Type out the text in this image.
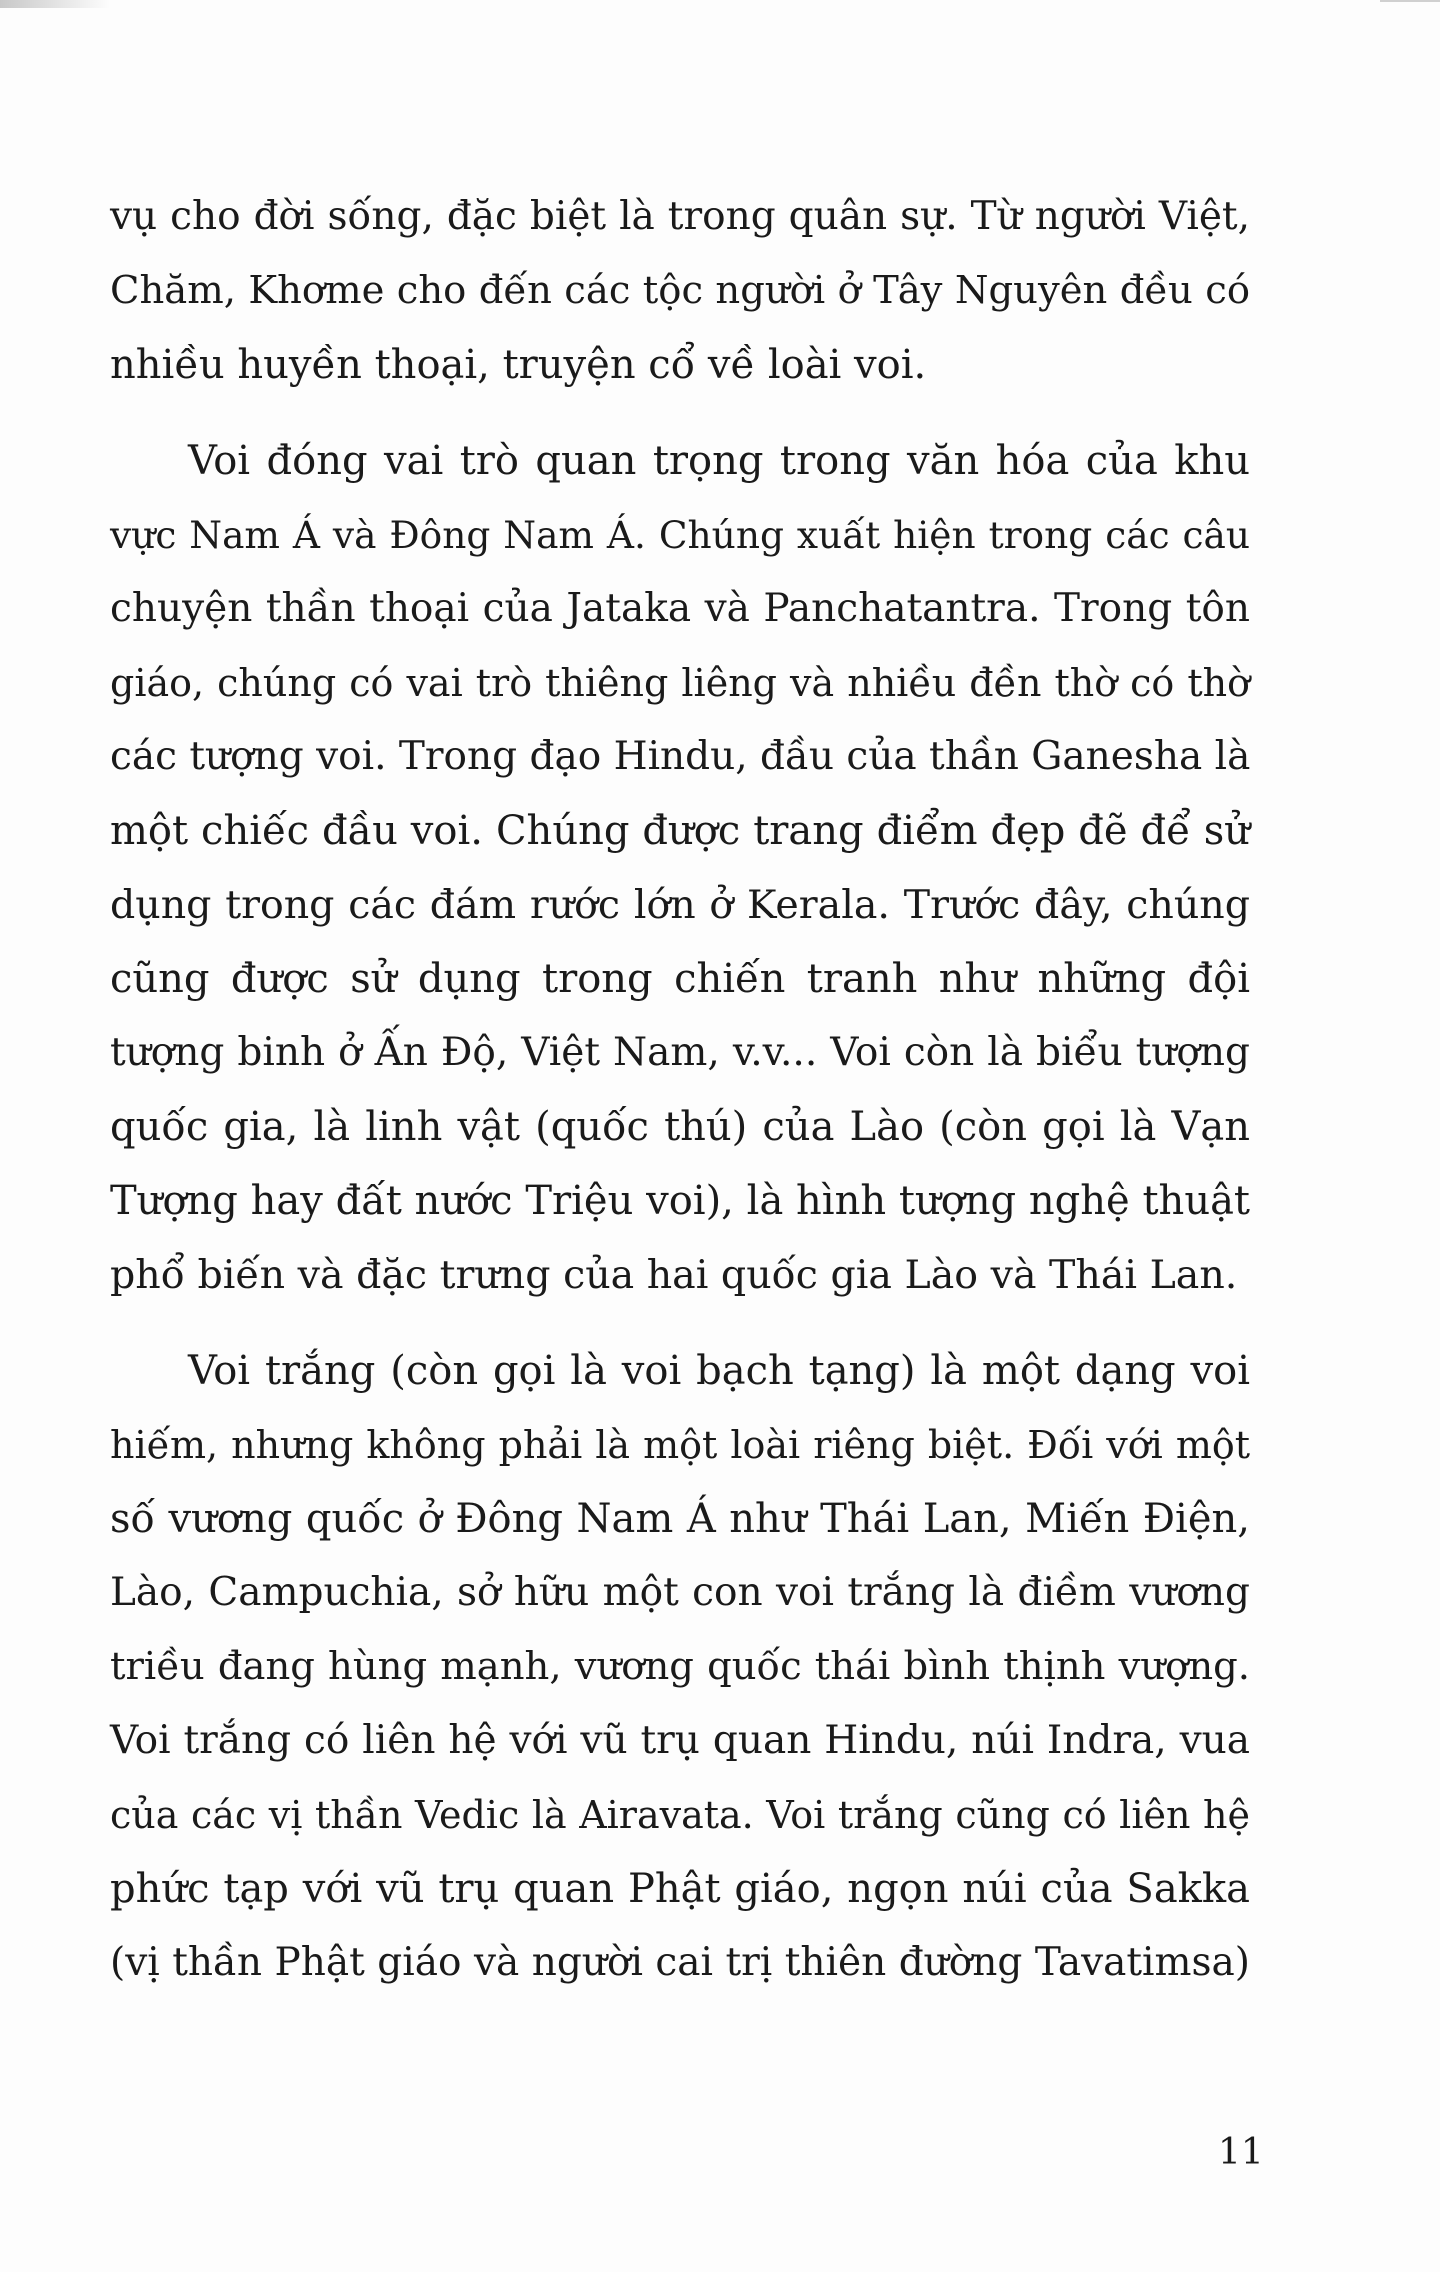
vụ cho đời sống, đặc biệt là trong quân sự. Từ người Việt,
Chăm, Khơme cho đến các tộc người ở Tây Nguyên đều có
nhiều huyền thoại, truyện cổ về loài voi.

Voi đóng vai trò quan trọng trong văn hóa của khu
vực Nam Á và Đông Nam Á. Chúng xuất hiện trong các câu
chuyện thần thoại của Jataka và Panchatantra. Trong tôn
giáo, chúng có vai trò thiêng liêng và nhiều đền thờ có thờ
các tượng voi. Trong đạo Hindu, đầu của thần Ganesha là
một chiếc đầu voi. Chúng được trang điểm đẹp đẽ để sử
dụng trong các đám rước lớn ở Kerala. Trước đây, chúng
cũng được sử dụng trong chiến tranh như những đội
tượng binh ở Ấn Độ, Việt Nam, v.v... Voi còn là biểu tượng
quốc gia, là linh vật (quốc thú) của Lào (còn gọi là Vạn
Tượng hay đất nước Triệu voi), là hình tượng nghệ thuật
phổ biến và đặc trưng của hai quốc gia Lào và Thái Lan.

Voi trắng (còn gọi là voi bạch tạng) là một dạng voi
hiếm, nhưng không phải là một loài riêng biệt. Đối với một
số vương quốc ở Đông Nam Á như Thái Lan, Miến Điện,
Lào, Campuchia, sở hữu một con voi trắng là điềm vương
triều đang hùng mạnh, vương quốc thái bình thịnh vượng.
Voi trắng có liên hệ với vũ trụ quan Hindu, núi Indra, vua
của các vị thần Vedic là Airavata. Voi trắng cũng có liên hệ
phức tạp với vũ trụ quan Phật giáo, ngọn núi của Sakka
(vị thần Phật giáo và người cai trị thiên đường Tavatimsa)

11
